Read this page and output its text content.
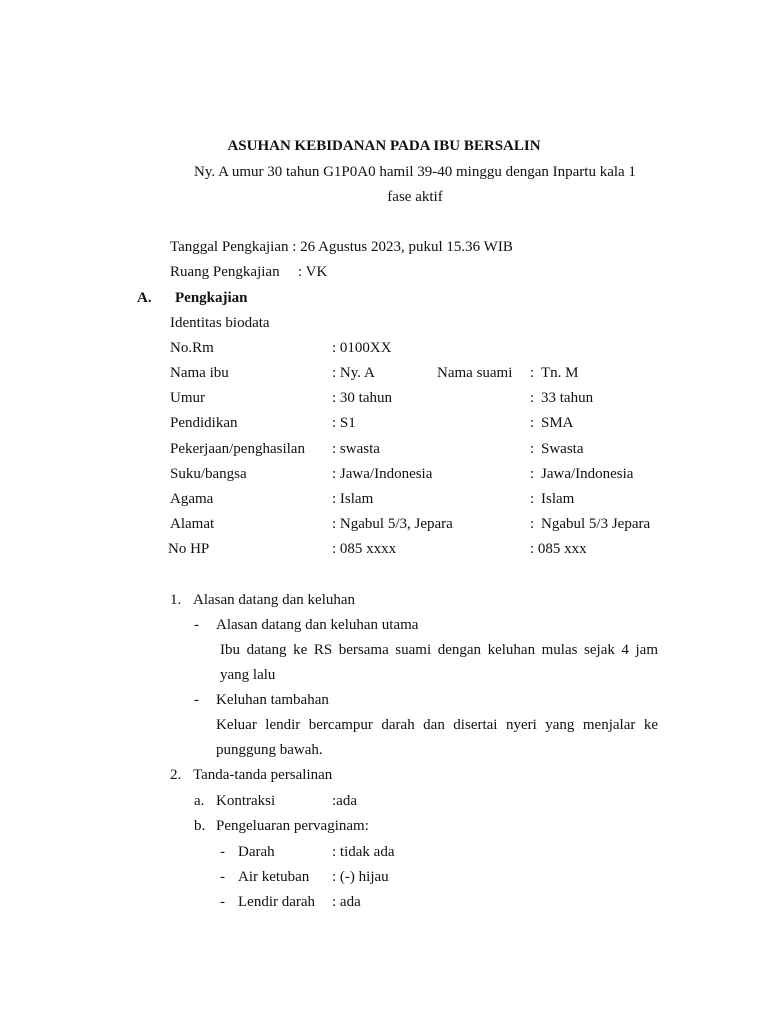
ASUHAN KEBIDANAN PADA IBU BERSALIN
Ny. A umur 30 tahun G1P0A0 hamil 39-40 minggu dengan Inpartu kala 1
fase aktif
Tanggal Pengkajian : 26 Agustus 2023, pukul 15.36 WIB
Ruang Pengkajian : VK
A. Pengkajian
Identitas biodata
No.Rm	: 0100XX
Nama ibu	: Ny. A	Nama suami : Tn. M
Umur	: 30 tahun	: 33 tahun
Pendidikan	: S1	: SMA
Pekerjaan/penghasilan : swasta	: Swasta
Suku/bangsa	: Jawa/Indonesia	: Jawa/Indonesia
Agama	: Islam	: Islam
Alamat	: Ngabul 5/3, Jepara	: Ngabul 5/3 Jepara
No HP	: 085 xxxx	: 085 xxx
1. Alasan datang dan keluhan
- Alasan datang dan keluhan utama
Ibu datang ke RS bersama suami dengan keluhan mulas sejak 4 jam
yang lalu
- Keluhan tambahan
Keluar lendir bercampur darah dan disertai nyeri yang menjalar ke
punggung bawah.
2. Tanda-tanda persalinan
a. Kontraksi	:ada
b. Pengeluaran pervaginam:
- Darah	: tidak ada
- Air ketuban : (-) hijau
- Lendir darah : ada
